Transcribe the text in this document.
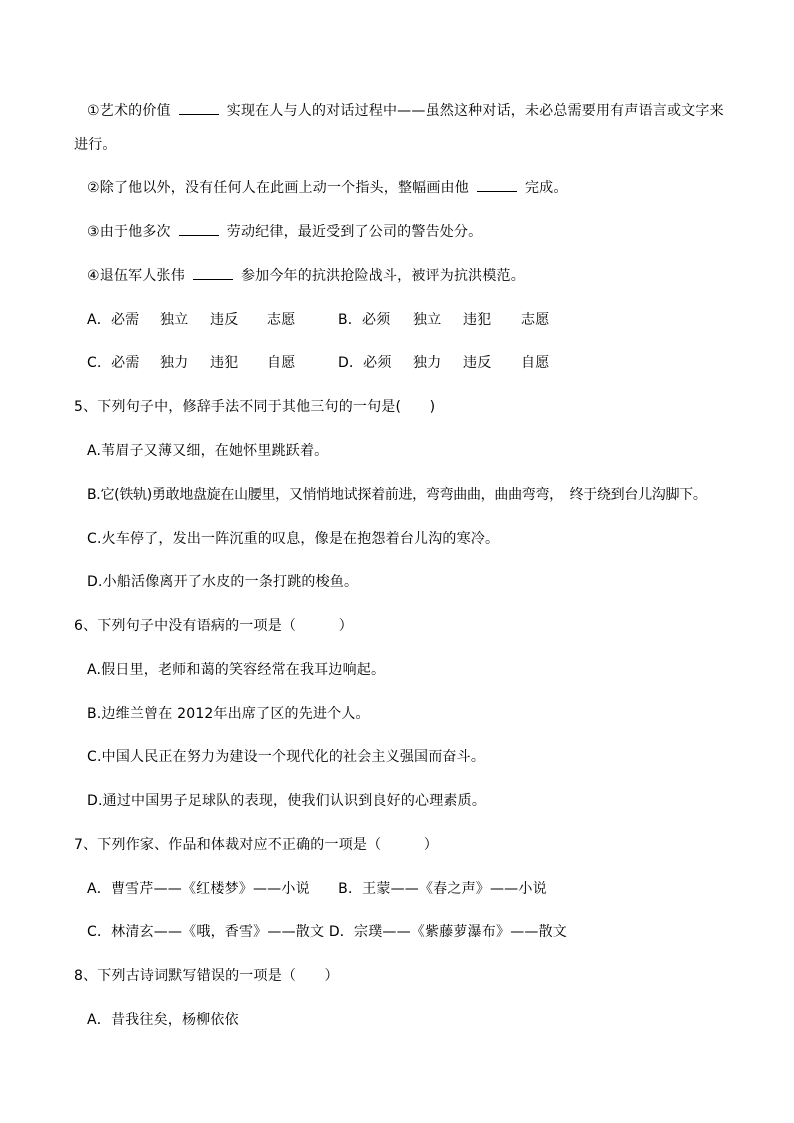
①艺术的价值	实现在人与人的对话过程中——虽然这种对话，未必总需要用有声语言或文字来
进行。
②除了他以外，没有任何人在此画上动一个指头，整幅画由他	完成。
③由于他多次	劳动纪律，最近受到了公司的警告处分。
④退伍军人张伟	参加今年的抗洪抢险战斗，被评为抗洪模范。
A．必需 独立 违反 志愿	B．必须 独立 违犯 志愿
C．必需 独力 违犯 自愿	D．必须 独力 违反 自愿
5、下列句子中，修辞手法不同于其他三句的一句是(　　)
A.苇眉子又薄又细，在她怀里跳跃着。
B.它(铁轨)勇敢地盘旋在山腰里，又悄悄地试探着前进，弯弯曲曲，曲曲弯弯，　终于绕到台儿沟脚下。
C.火车停了，发出一阵沉重的叹息，像是在抱怨着台儿沟的寒冷。
D.小船活像离开了水皮的一条打跳的梭鱼。
6、下列句子中没有语病的一项是（　　　）
A.假日里，老师和蔼的笑容经常在我耳边响起。
B.边维兰曾在 2012年出席了区的先进个人。
C.中国人民正在努力为建设一个现代化的社会主义强国而奋斗。
D.通过中国男子足球队的表现，使我们认识到良好的心理素质。
7、下列作家、作品和体裁对应不正确的一项是（　　　）
A．曹雪芹——《红楼梦》——小说　　B．王蒙——《春之声》——小说
C．林清玄——《哦，香雪》——散文 D．宗璞——《紫藤萝瀑布》——散文
8、下列古诗词默写错误的一项是（　　）
A．昔我往矣，杨柳依依
